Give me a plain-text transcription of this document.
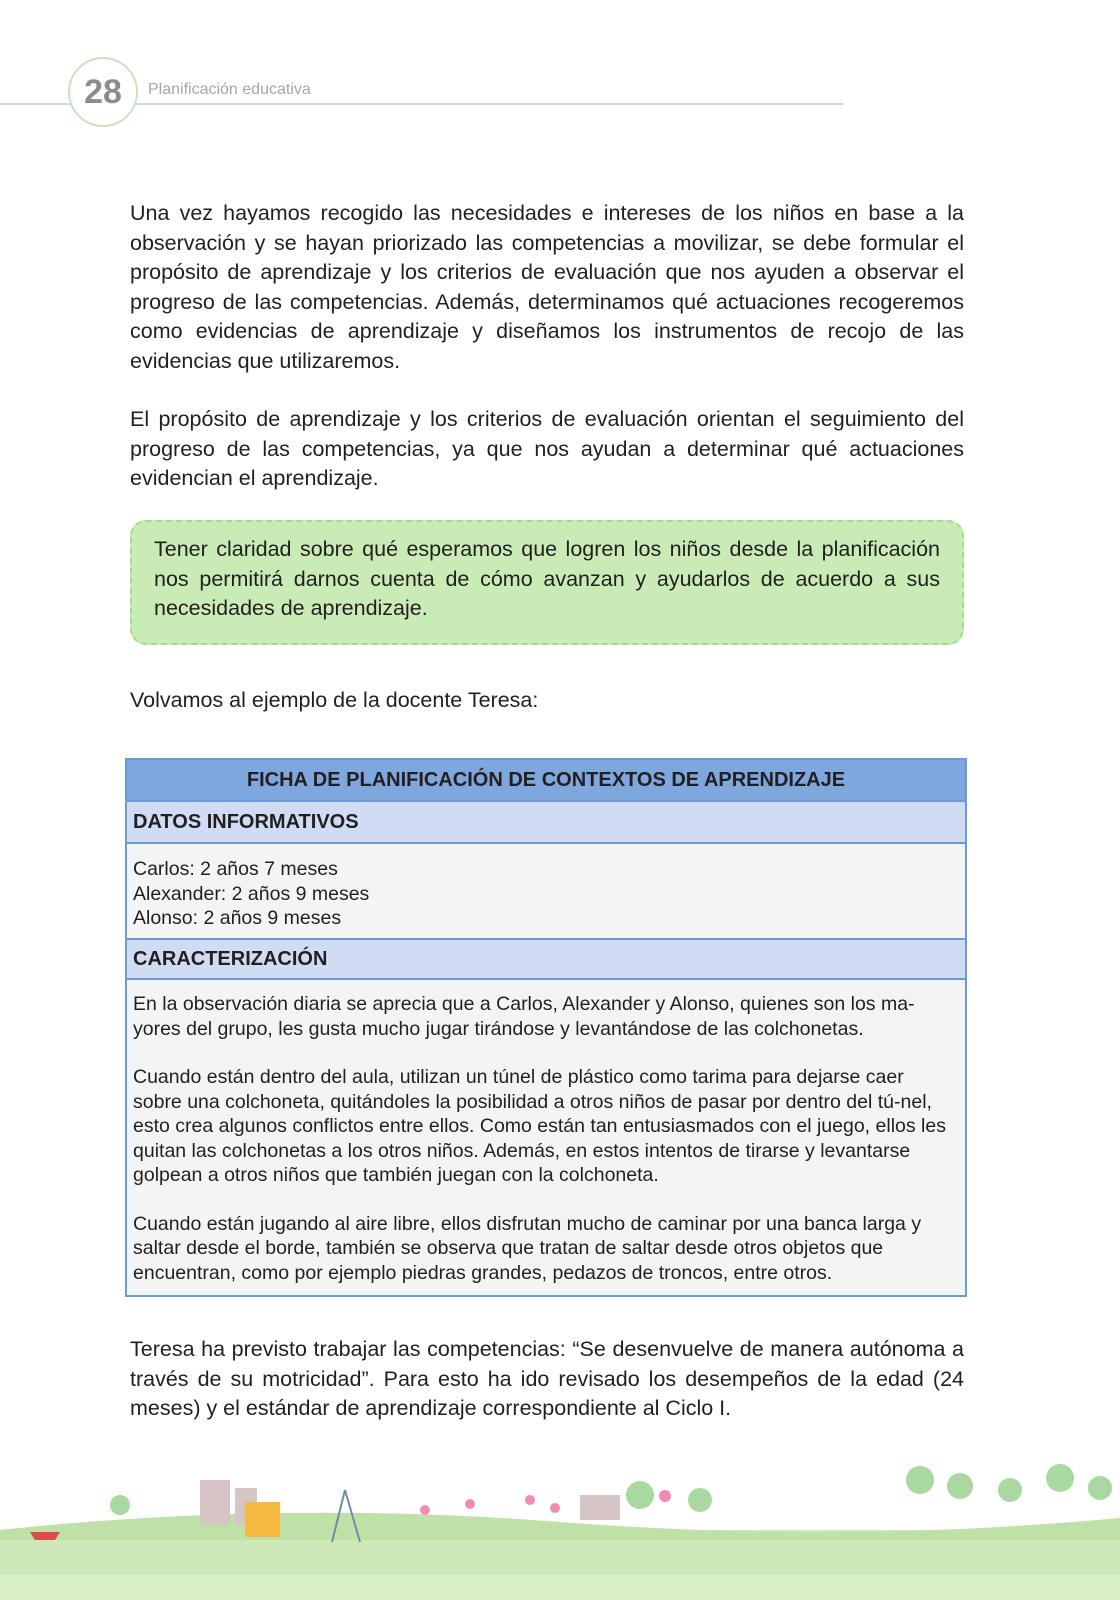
28 Planificación educativa

Una vez hayamos recogido las necesidades e intereses de los niños en base a la observación y se hayan priorizado las competencias a movilizar, se debe formular el propósito de aprendizaje y los criterios de evaluación que nos ayuden a observar el progreso de las competencias. Además, determinamos qué actuaciones recogeremos como evidencias de aprendizaje y diseñamos los instrumentos de recojo de las evidencias que utilizaremos.

El propósito de aprendizaje y los criterios de evaluación orientan el seguimiento del progreso de las competencias, ya que nos ayudan a determinar qué actuaciones evidencian el aprendizaje.

Tener claridad sobre qué esperamos que logren los niños desde la planificación nos permitirá darnos cuenta de cómo avanzan y ayudarlos de acuerdo a sus necesidades de aprendizaje.

Volvamos al ejemplo de la docente Teresa:

FICHA DE PLANIFICACIÓN DE CONTEXTOS DE APRENDIZAJE
DATOS INFORMATIVOS
Carlos: 2 años 7 meses
Alexander: 2 años 9 meses
Alonso: 2 años 9 meses
CARACTERIZACIÓN

En la observación diaria se aprecia que a Carlos, Alexander y Alonso, quienes son los ma-yores del grupo, les gusta mucho jugar tirándose y levantándose de las colchonetas.

Cuando están dentro del aula, utilizan un túnel de plástico como tarima para dejarse caer sobre una colchoneta, quitándoles la posibilidad a otros niños de pasar por dentro del tú-nel, esto crea algunos conflictos entre ellos. Como están tan entusiasmados con el juego, ellos les quitan las colchonetas a los otros niños. Además, en estos intentos de tirarse y levantarse golpean a otros niños que también juegan con la colchoneta.

Cuando están jugando al aire libre, ellos disfrutan mucho de caminar por una banca larga y saltar desde el borde, también se observa que tratan de saltar desde otros objetos que encuentran, como por ejemplo piedras grandes, pedazos de troncos, entre otros.

Teresa ha previsto trabajar las competencias: “Se desenvuelve de manera autónoma a través de su motricidad”. Para esto ha ido revisado los desempeños de la edad (24 meses) y el estándar de aprendizaje correspondiente al Ciclo I.
